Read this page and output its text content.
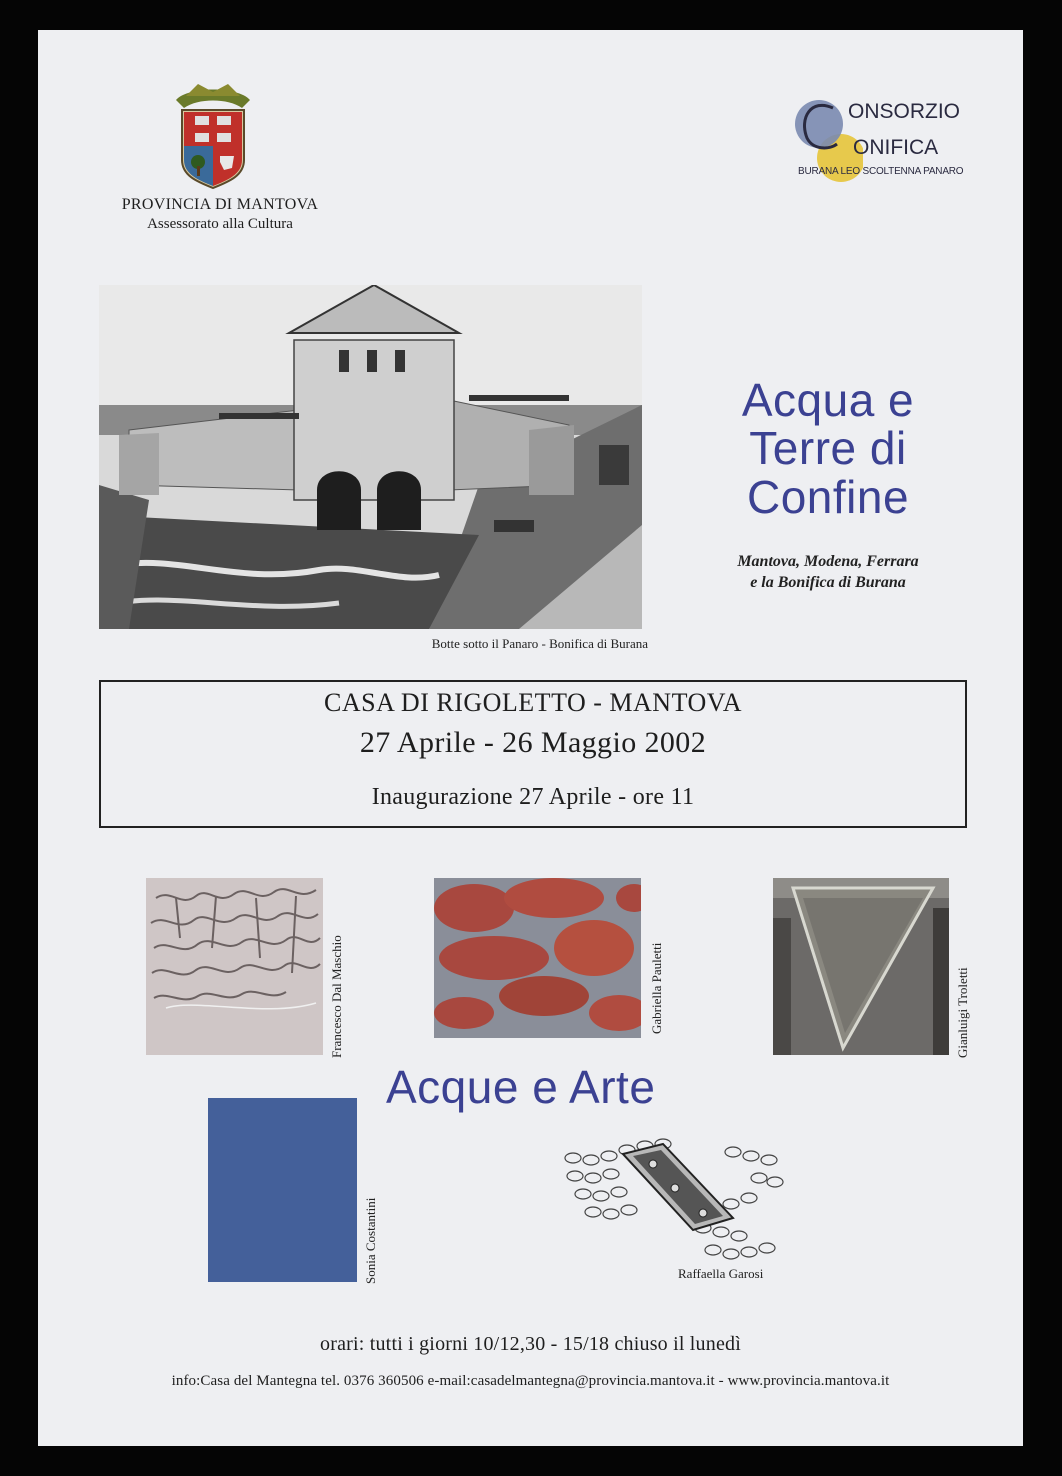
PROVINCIA DI MANTOVA
Assessorato alla Cultura
ONSORZIO
ONIFICA
BURANA LEO SCOLTENNA PANARO
Botte sotto il Panaro - Bonifica di Burana
Acqua e
Terre di
Confine
Mantova, Modena, Ferrara
e la Bonifica di Burana
CASA DI RIGOLETTO - MANTOVA
27 Aprile - 26 Maggio 2002
Inaugurazione 27 Aprile - ore 11
Francesco Dal Maschio	Gabriella Pauletti	Gianluigi Troletti
Acque e Arte
Sonia Costantini	Raffaella Garosi
orari: tutti i giorni 10/12,30 - 15/18 chiuso il lunedì
info:Casa del Mantegna tel. 0376 360506 e-mail:casadelmantegna@provincia.mantova.it - www.provincia.mantova.it
